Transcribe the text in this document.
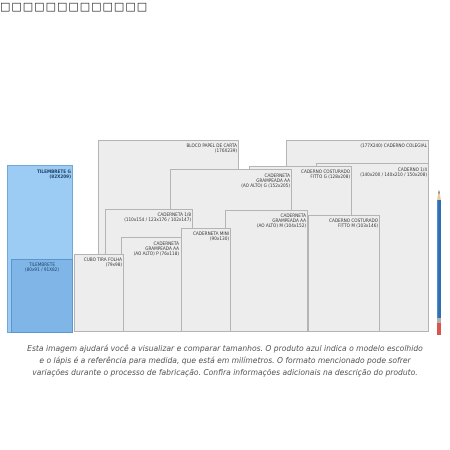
□□□□□□□□□□□□□
BLOCO PAPEL DE CARTA
(176X239)
(177X240) CADERNO COLEGIAL
CADERNO 1/4
(140x200 / 140x210 / 150x208)
CADERNO COSTURADO
FITTO G (128x208)
CADERNETA
GRAMPEADA AA
(AO ALTO) G (152x205)
CADERNETA 1/8
(110x154 / 123x176 / 102x147)
CADERNETA
GRAMPEADA AA
(AO ALTO) M (104x152)
CADERNO COSTURADO
FITTO M (103x146)
CADERNETA MINI
(90x130)
CADERNETA
GRAMPEADA AA
(AO ALTO) P (76x118)
CUBO TIRA FOLHA
(79x98)
TILEMBRETE G
(82X209)
TILEMBRETE
(80x91 / 91X82)
Esta imagem ajudará você a visualizar e comparar tamanhos. O produto azul indica o modelo escolhido e o lápis é a referência para medida, que está em milímetros. O formato mencionado pode sofrer variações durante o processo de fabricação. Confira informações adicionais na descrição do produto.
